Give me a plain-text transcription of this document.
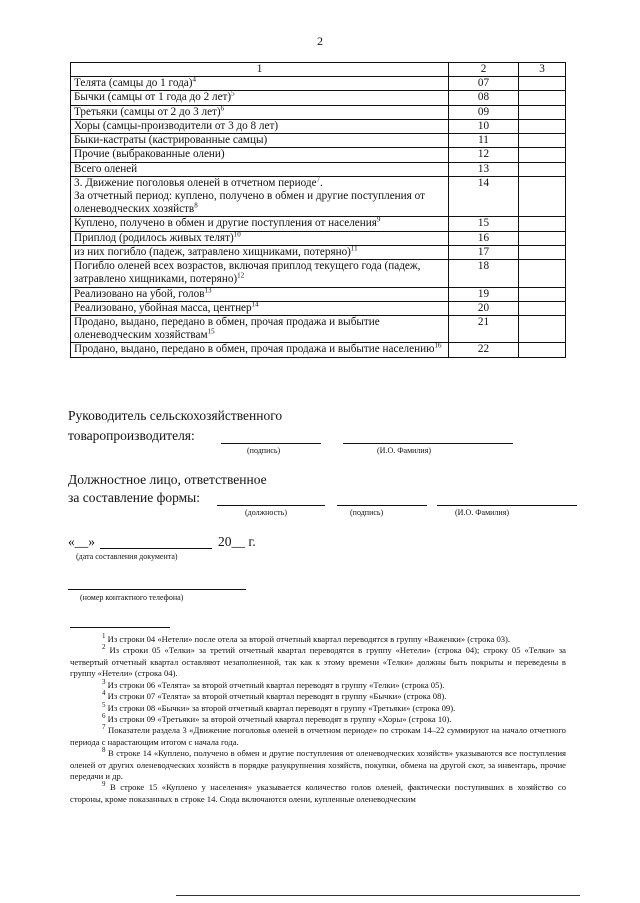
2
1	2	3
Телята (самцы до 1 года)$^4$	07	
Бычки (самцы от 1 года до 2 лет)$^5$	08	
Третьяки (самцы от 2 до 3 лет)$^6$	09	
Хоры (самцы-производители от 3 до 8 лет)	10	
Быки-кастраты (кастрированные самцы)	11	
Прочие (выбракованные олени)	12	
Всего оленей	13	
3. Движение поголовья оленей в отчетном периоде$^7$.
За отчетный период: куплено, получено в обмен и другие поступления от оленеводческих хозяйств$^8$	14	
Куплено, получено в обмен и другие поступления от населения$^9$	15	
Приплод (родилось живых телят)$^{10}$	16	
из них погибло (падеж, затравлено хищниками, потеряно)$^{11}$	17	
Погибло оленей всех возрастов, включая приплод текущего года (падеж, затравлено хищниками, потеряно)$^{12}$	18	
Реализовано на убой, голов$^{13}$	19	
Реализовано, убойная масса, центнер$^{14}$	20	
Продано, выдано, передано в обмен, прочая продажа и выбытие оленеводческим хозяйствам$^{15}$	21	
Продано, выдано, передано в обмен, прочая продажа и выбытие населению$^{16}$	22	
Руководитель сельскохозяйственного
товаропроизводителя:
(подпись)	(И.О. Фамилия)
Должностное лицо, ответственное
за составление формы:
(должность)	(подпись)	(И.О. Фамилия)
«__»	20__ г.
(дата составления документа)
(номер контактного телефона)

$^1$ Из строки 04 «Нетели» после отела за второй отчетный квартал переводятся в группу «Важенки» (строка 03).

$^2$ Из строки 05 «Телки» за третий отчетный квартал переводятся в группу «Нетели» (строка 04); строку 05 «Телки» за четвертый отчетный квартал оставляют незаполненной, так как к этому времени «Телки» должны быть покрыты и переведены в группу «Нетели» (строка 04).

$^3$ Из строки 06 «Телята» за второй отчетный квартал переводят в группу «Телки» (строка 05).

$^4$ Из строки 07 «Телята» за второй отчетный квартал переводят в группу «Бычки» (строка 08).

$^5$ Из строки 08 «Бычки» за второй отчетный квартал переводят в группу «Третьяки» (строка 09).

$^6$ Из строки 09 «Третьяки» за второй отчетный квартал переводят в группу «Хоры» (строка 10).

$^7$ Показатели раздела 3 «Движение поголовья оленей в отчетном периоде» по строкам 14–22 суммируют на начало отчетного периода с нарастающим итогом с начала года.

$^8$ В строке 14 «Куплено, получено в обмен и другие поступления от оленеводческих хозяйств» указываются все поступления оленей от других оленеводческих хозяйств в порядке разукрупнения хозяйств, покупки, обмена на другой скот, за инвентарь, прочие передачи и др.

$^9$ В строке 15 «Куплено у населения» указывается количество голов оленей, фактически поступивших в хозяйство со стороны, кроме показанных в строке 14. Сюда включаются олени, купленные оленеводческим
